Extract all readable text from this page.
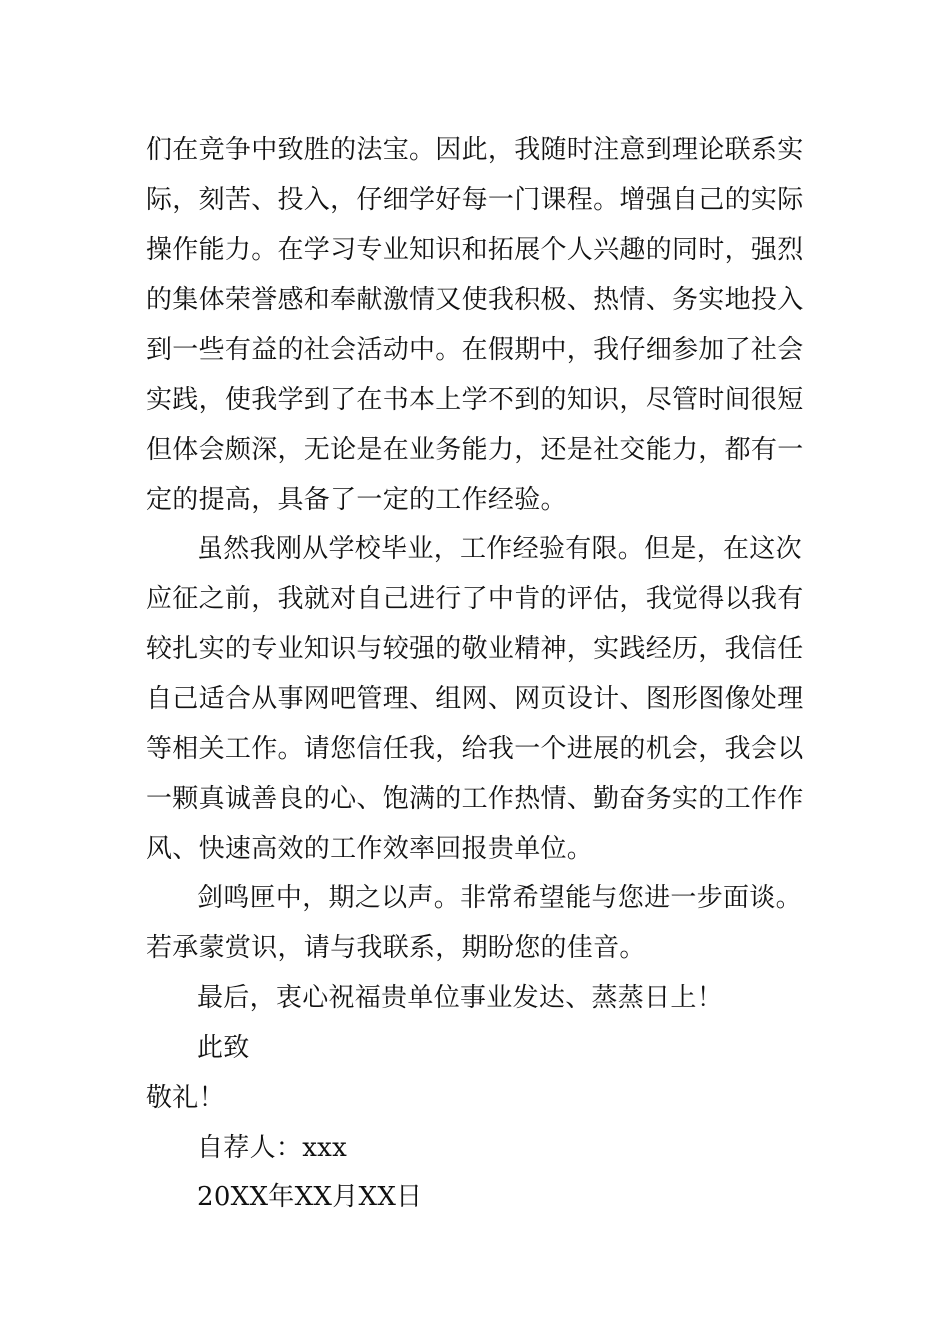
们在竞争中致胜的法宝。因此，我随时注意到理论联系实
际，刻苦、投入，仔细学好每一门课程。增强自己的实际
操作能力。在学习专业知识和拓展个人兴趣的同时，强烈
的集体荣誉感和奉献激情又使我积极、热情、务实地投入
到一些有益的社会活动中。在假期中，我仔细参加了社会
实践，使我学到了在书本上学不到的知识，尽管时间很短
但体会颇深，无论是在业务能力，还是社交能力，都有一
定的提高，具备了一定的工作经验。
虽然我刚从学校毕业，工作经验有限。但是，在这次
应征之前，我就对自己进行了中肯的评估，我觉得以我有
较扎实的专业知识与较强的敬业精神，实践经历，我信任
自己适合从事网吧管理、组网、网页设计、图形图像处理
等相关工作。请您信任我，给我一个进展的机会，我会以
一颗真诚善良的心、饱满的工作热情、勤奋务实的工作作
风、快速高效的工作效率回报贵单位。
剑鸣匣中，期之以声。非常希望能与您进一步面谈。
若承蒙赏识，请与我联系，期盼您的佳音。
最后，衷心祝福贵单位事业发达、蒸蒸日上！
此致
敬礼！
自荐人：xxx
20XX年XX月XX日
